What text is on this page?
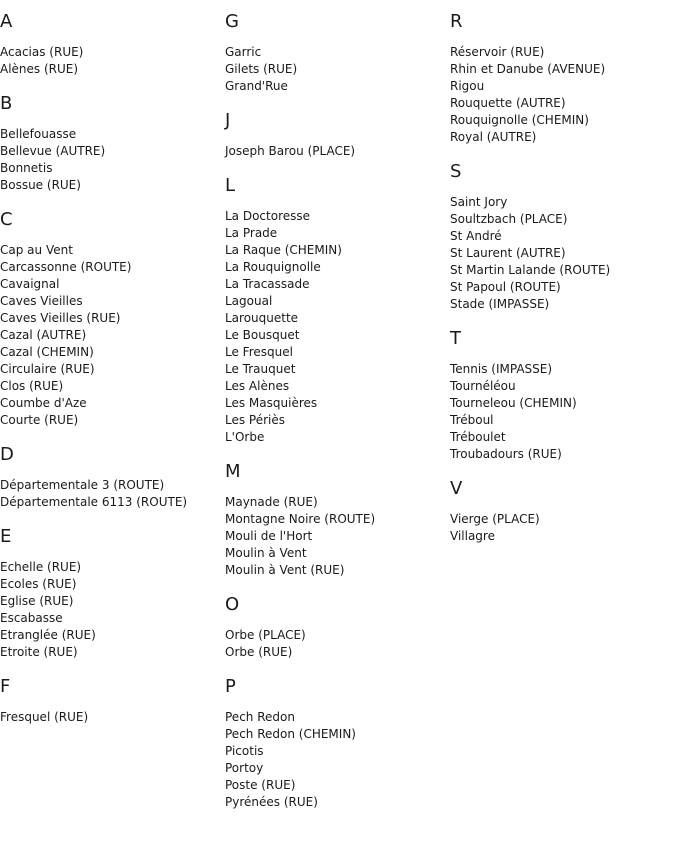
A
Acacias (RUE)
Alènes (RUE)
B
Bellefouasse
Bellevue (AUTRE)
Bonnetis
Bossue (RUE)
C
Cap au Vent
Carcassonne (ROUTE)
Cavaignal
Caves Vieilles
Caves Vieilles (RUE)
Cazal (AUTRE)
Cazal (CHEMIN)
Circulaire (RUE)
Clos (RUE)
Coumbe d'Aze
Courte (RUE)
D
Départementale 3 (ROUTE)
Départementale 6113 (ROUTE)
E
Echelle (RUE)
Ecoles (RUE)
Eglise (RUE)
Escabasse
Etranglée (RUE)
Etroite (RUE)
F
Fresquel (RUE)
G
Garric
Gilets (RUE)
Grand'Rue
J
Joseph Barou (PLACE)
L
La Doctoresse
La Prade
La Raque (CHEMIN)
La Rouquignolle
La Tracassade
Lagoual
Larouquette
Le Bousquet
Le Fresquel
Le Trauquet
Les Alènes
Les Masquières
Les Périès
L'Orbe
M
Maynade (RUE)
Montagne Noire (ROUTE)
Mouli de l'Hort
Moulin à Vent
Moulin à Vent (RUE)
O
Orbe (PLACE)
Orbe (RUE)
P
Pech Redon
Pech Redon (CHEMIN)
Picotis
Portoy
Poste (RUE)
Pyrénées (RUE)
R
Réservoir (RUE)
Rhin et Danube (AVENUE)
Rigou
Rouquette (AUTRE)
Rouquignolle (CHEMIN)
Royal (AUTRE)
S
Saint Jory
Soultzbach (PLACE)
St André
St Laurent (AUTRE)
St Martin Lalande (ROUTE)
St Papoul (ROUTE)
Stade (IMPASSE)
T
Tennis (IMPASSE)
Tournéléou
Tourneleou (CHEMIN)
Tréboul
Tréboulet
Troubadours (RUE)
V
Vierge (PLACE)
Villagre
